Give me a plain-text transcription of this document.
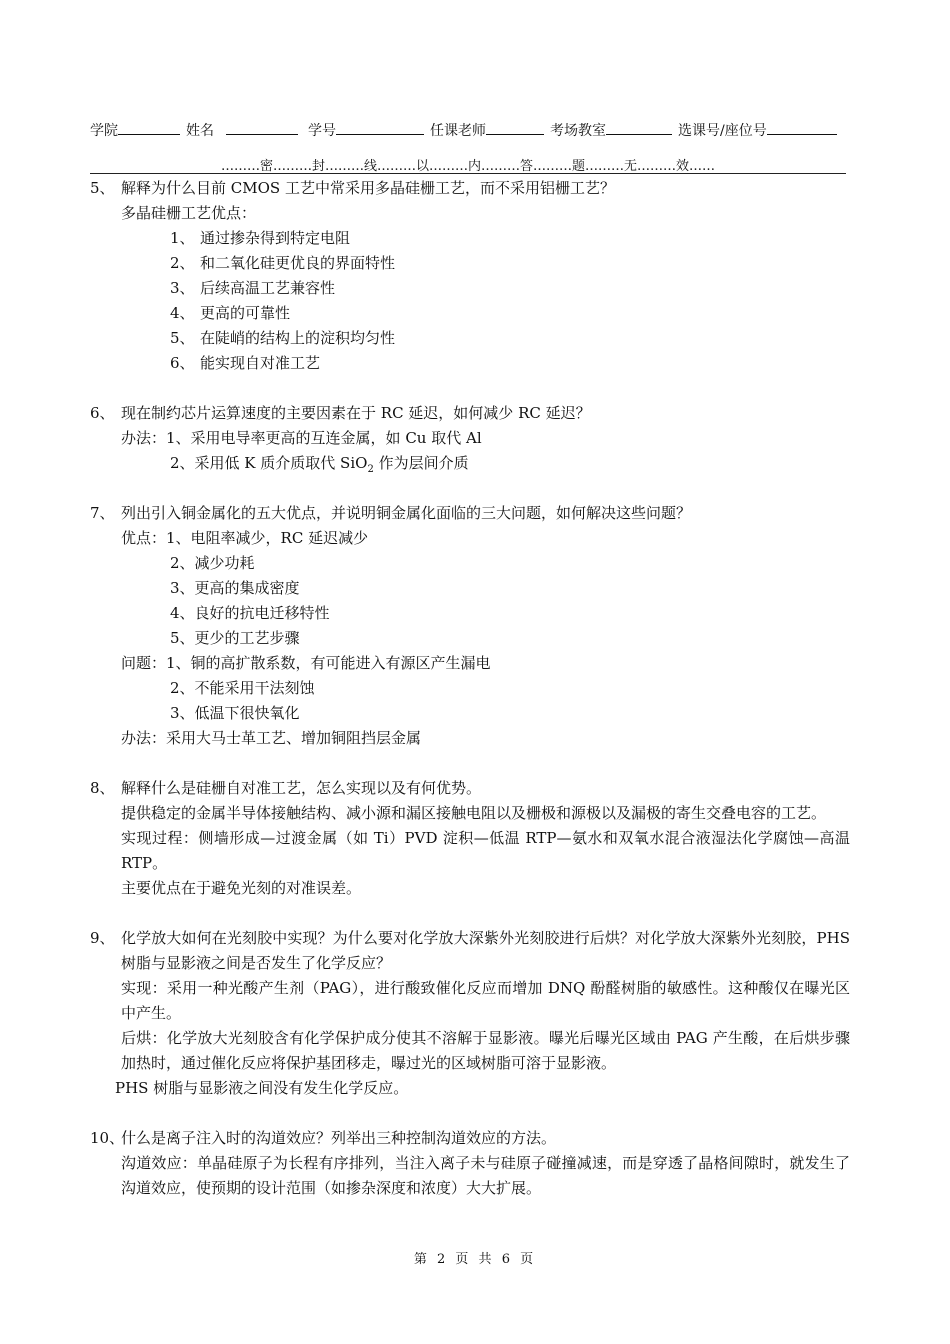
学院	姓名	学号	任课老师	考场教室	选课号/座位号
………密………封………线………以………内………答………题………无………效……
5、 解释为什么目前 CMOS 工艺中常采用多晶硅栅工艺，而不采用铝栅工艺？
多晶硅栅工艺优点：
1、 通过掺杂得到特定电阻
2、 和二氧化硅更优良的界面特性
3、 后续高温工艺兼容性
4、 更高的可靠性
5、 在陡峭的结构上的淀积均匀性
6、 能实现自对准工艺
6、 现在制约芯片运算速度的主要因素在于 RC 延迟，如何减少 RC 延迟？
办法： 1、采用电导率更高的互连金属，如 Cu 取代 Al
2、采用低 K 质介质取代 SiO$_2$ 作为层间介质
7、 列出引入铜金属化的五大优点，并说明铜金属化面临的三大问题，如何解决这些问题？
优点： 1、电阻率减少，RC 延迟减少
2、减少功耗
3、更高的集成密度
4、良好的抗电迁移特性
5、更少的工艺步骤
问题： 1、铜的高扩散系数，有可能进入有源区产生漏电
2、不能采用干法刻蚀
3、低温下很快氧化
办法：采用大马士革工艺、增加铜阻挡层金属
8、 解释什么是硅栅自对准工艺，怎么实现以及有何优势。
提供稳定的金属半导体接触结构、减小源和漏区接触电阻以及栅极和源极以及漏极的寄生交叠电容的工艺。
实现过程：侧墙形成—过渡金属（如 Ti）PVD 淀积—低温 RTP—氨水和双氧水混合液湿法化学腐蚀—高温 RTP。
主要优点在于避免光刻的对准误差。
9、 化学放大如何在光刻胶中实现？为什么要对化学放大深紫外光刻胶进行后烘？对化学放大深紫外光刻胶，PHS 树脂与显影液之间是否发生了化学反应？
实现：采用一种光酸产生剂（PAG），进行酸致催化反应而增加 DNQ 酚醛树脂的敏感性。这种酸仅在曝光区中产生。
后烘：化学放大光刻胶含有化学保护成分使其不溶解于显影液。曝光后曝光区域由 PAG 产生酸，在后烘步骤加热时，通过催化反应将保护基团移走，曝过光的区域树脂可溶于显影液。
PHS 树脂与显影液之间没有发生化学反应。
10、
什么是离子注入时的沟道效应？列举出三种控制沟道效应的方法。
沟道效应：单晶硅原子为长程有序排列，当注入离子未与硅原子碰撞减速，而是穿透了晶格间隙时，就发生了沟道效应，使预期的设计范围（如掺杂深度和浓度）大大扩展。
第 2 页 共 6 页
